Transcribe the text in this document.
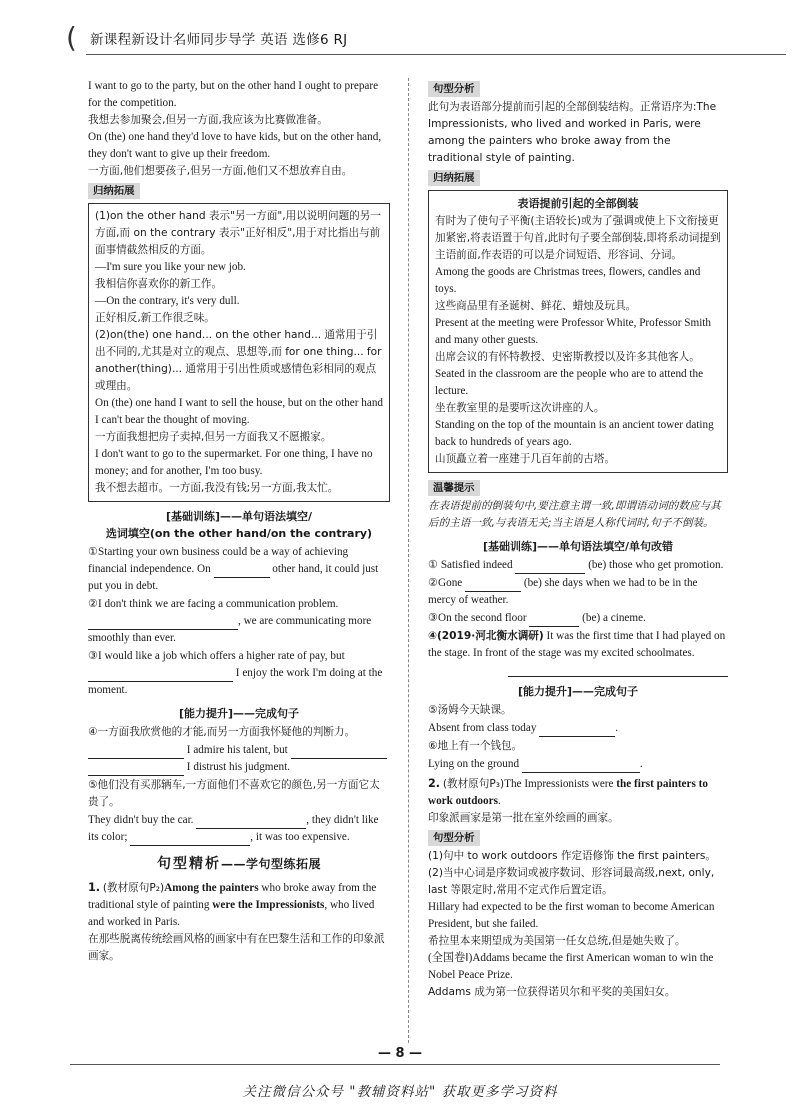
( 新课程新设计名师同步导学 英语 选修6 RJ

I want to go to the party, but on the other hand I ought to prepare for the competition.

我想去参加聚会,但另一方面,我应该为比赛做准备。

On (the) one hand they'd love to have kids, but on the other hand, they don't want to give up their freedom.

一方面,他们想要孩子,但另一方面,他们又不想放弃自由。

归纳拓展

(1)on the other hand 表示"另一方面",用以说明问题的另一方面,而 on the contrary 表示"正好相反",用于对比指出与前面事情截然相反的方面。

—I'm sure you like your new job.

我相信你喜欢你的新工作。

—On the contrary, it's very dull.

正好相反,新工作很乏味。

(2)on(the) one hand... on the other hand... 通常用于引出不同的,尤其是对立的观点、思想等,而 for one thing... for another(thing)... 通常用于引出性质或感情色彩相同的观点或理由。

On (the) one hand I want to sell the house, but on the other hand I can't bear the thought of moving.

一方面我想把房子卖掉,但另一方面我又不愿搬家。

I don't want to go to the supermarket. For one thing, I have no money; and for another, I'm too busy.

我不想去超市。一方面,我没有钱;另一方面,我太忙。

[基础训练]——单句语法填空/
选词填空(on the other hand/on the contrary)

①Starting your own business could be a way of achieving financial independence. On	other hand, it could just put you in debt.

②I don't think we are facing a communication problem.
, we are communicating more smoothly than ever.

③I would like a job which offers a higher rate of pay, but
I enjoy the work I'm doing at the moment.

[能力提升]——完成句子

④一方面我欣赏他的才能,而另一方面我怀疑他的判断力。

I admire his talent, but
I distrust his judgment.

⑤他们没有买那辆车,一方面他们不喜欢它的颜色,另一方面它太贵了。

They didn't buy the car.	, they didn't like its color;	, it was too expensive.

句型精析——学句型练拓展

1. (教材原句P₂)Among the painters who broke away from the traditional style of painting were the Impressionists, who lived and worked in Paris.

在那些脱离传统绘画风格的画家中有在巴黎生活和工作的印象派画家。

句型分析

此句为表语部分提前而引起的全部倒装结构。正常语序为:The Impressionists, who lived and worked in Paris, were among the painters who broke away from the traditional style of painting.

归纳拓展
表语提前引起的全部倒装

有时为了使句子平衡(主语较长)或为了强调或使上下文衔接更加紧密,将表语置于句首,此时句子要全部倒装,即将系动词提到主语前面,作表语的可以是介词短语、形容词、分词。

Among the goods are Christmas trees, flowers, candles and toys.

这些商品里有圣诞树、鲜花、蜡烛及玩具。

Present at the meeting were Professor White, Professor Smith and many other guests.

出席会议的有怀特教授、史密斯教授以及许多其他客人。

Seated in the classroom are the people who are to attend the lecture.

坐在教室里的是要听这次讲座的人。

Standing on the top of the mountain is an ancient tower dating back to hundreds of years ago.

山顶矗立着一座建于几百年前的古塔。

温馨提示

在表语提前的倒装句中,要注意主谓一致,即谓语动词的数应与其后的主语一致,与表语无关;当主语是人称代词时,句子不倒装。

[基础训练]——单句语法填空/单句改错

① Satisfied indeed	(be) those who get promotion.

②Gone	(be) she days when we had to be in the mercy of weather.

③On the second floor	(be) a cineme.

④(2019·河北衡水调研) It was the first time that I had played on the stage. In front of the stage was my excited schoolmates.

[能力提升]——完成句子

⑤汤姆今天缺课。

Absent from class today	.

⑥地上有一个钱包。

Lying on the ground	.

2. (教材原句P₃)The Impressionists were the first painters to work outdoors.

印象派画家是第一批在室外绘画的画家。

句型分析

(1)句中 to work outdoors 作定语修饰 the first painters。

(2)当中心词是序数词或被序数词、形容词最高级,next, only, last 等限定时,常用不定式作后置定语。

Hillary had expected to be the first woman to become American President, but she failed.

希拉里本来期望成为美国第一任女总统,但是她失败了。

(全国卷Ⅰ)Addams became the first American woman to win the Nobel Peace Prize.

Addams 成为第一位获得诺贝尔和平奖的美国妇女。

— 8 —
关注微信公众号 "教辅资料站" 获取更多学习资料
